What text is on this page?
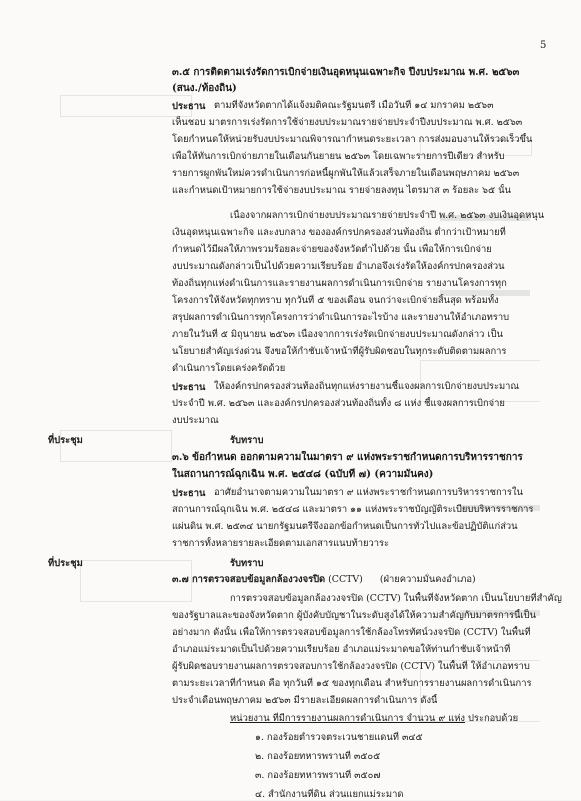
5
๓.๕ การติดตามเร่งรัดการเบิกจ่ายเงินอุดหนุนเฉพาะกิจ ปีงบประมาณ พ.ศ. ๒๕๖๓
(สนง./ท้องถิ่น)
ประธาน ตามที่จังหวัดตากได้แจ้งมติคณะรัฐมนตรี เมื่อวันที่ ๑๔ มกราคม ๒๕๖๓
เห็นชอบ มาตรการเร่งรัดการใช้จ่ายงบประมาณรายจ่ายประจำปีงบประมาณ พ.ศ. ๒๕๖๓
โดยกำหนดให้หน่วยรับงบประมาณพิจารณากำหนดระยะเวลา การส่งมอบงานให้รวดเร็วขึ้น
เพื่อให้ทันการเบิกจ่ายภายในเดือนกันยายน ๒๕๖๓ โดยเฉพาะรายการปีเดียว สำหรับ
รายการผูกพันใหม่ควรดำเนินการก่อหนี้ผูกพันให้แล้วเสร็จภายในเดือนพฤษภาคม ๒๕๖๓
และกำหนดเป้าหมายการใช้จ่ายงบประมาณ รายจ่ายลงทุน ไตรมาส ๓ ร้อยละ ๖๕ นั้น
เนื่องจากผลการเบิกจ่ายงบประมาณรายจ่ายประจำปี พ.ศ. ๒๕๖๓ งบเงินอุดหนุน
เงินอุดหนุนเฉพาะกิจ และงบกลาง ขององค์กรปกครองส่วนท้องถิ่น ต่ำกว่าเป้าหมายที่
กำหนดไว้มีผลให้ภาพรวมร้อยละจ่ายของจังหวัดต่ำไปด้วย นั้น เพื่อให้การเบิกจ่าย
งบประมาณดังกล่าวเป็นไปด้วยความเรียบร้อย อำเภอจึงเร่งรัดให้องค์กรปกครองส่วน
ท้องถิ่นทุกแห่งดำเนินการและรายงานผลการดำเนินการเบิกจ่าย รายงานโครงการทุก
โครงการให้จังหวัดทุกทราบ ทุกวันที่ ๕ ของเดือน จนกว่าจะเบิกจ่ายสิ้นสุด พร้อมทั้ง
สรุปผลการดำเนินการทุกโครงการว่าดำเนินการอะไรบ้าง และรายงานให้อำเภอทราบ
ภายในวันที่ ๕ มิถุนายน ๒๕๖๓ เนื่องจากการเร่งรัดเบิกจ่ายงบประมาณดังกล่าว เป็น
นโยบายสำคัญเร่งด่วน จึงขอให้กำชับเจ้าหน้าที่ผู้รับผิดชอบในทุกระดับติดตามผลการ
ดำเนินการโดยเคร่งครัดด้วย
ประธาน ให้องค์กรปกครองส่วนท้องถิ่นทุกแห่งรายงานชี้แจงผลการเบิกจ่ายงบประมาณ
ประจำปี พ.ศ. ๒๕๖๓ และองค์กรปกครองส่วนท้องถิ่นทั้ง ๘ แห่ง ชี้แจงผลการเบิกจ่าย
งบประมาณ
ที่ประชุม	รับทราบ
๓.๖ ข้อกำหนด ออกตามความในมาตรา ๙ แห่งพระราชกำหนดการบริหารราชการ
ในสถานการณ์ฉุกเฉิน พ.ศ. ๒๕๔๘ (ฉบับที่ ๗) (ความมั่นคง)
ประธาน อาศัยอำนาจตามความในมาตรา ๙ แห่งพระราชกำหนดการบริหารราชการใน
สถานการณ์ฉุกเฉิน พ.ศ. ๒๕๔๘ และมาตรา ๑๑ แห่งพระราชบัญญัติระเบียบบริหารราชการ
แผ่นดิน พ.ศ. ๒๕๓๔ นายกรัฐมนตรีจึงออกข้อกำหนดเป็นการทั่วไปและข้อปฏิบัติแก่ส่วน
ราชการทั้งหลายรายละเอียดตามเอกสารแนบท้ายวาระ
ที่ประชุม	รับทราบ
๓.๗ การตรวจสอบข้อมูลกล้องวงจรปิด (CCTV) (ฝ่ายความมั่นคงอำเภอ)
การตรวจสอบข้อมูลกล้องวงจรปิด (CCTV) ในพื้นที่จังหวัดตาก เป็นนโยบายที่สำคัญ
ของรัฐบาลและของจังหวัดตาก ผู้บังคับบัญชาในระดับสูงได้ให้ความสำคัญกับมาตรการนี้เป็น
อย่างมาก ดังนั้น เพื่อให้การตรวจสอบข้อมูลการใช้กล้องโทรทัศน์วงจรปิด (CCTV) ในพื้นที่
อำเภอแม่ระมาดเป็นไปด้วยความเรียบร้อย อำเภอแม่ระมาดขอให้ท่านกำชับเจ้าหน้าที่
ผู้รับผิดชอบรายงานผลการตรวจสอบการใช้กล้องวงจรปิด (CCTV) ในพื้นที่ ให้อำเภอทราบ
ตามระยะเวลาที่กำหนด คือ ทุกวันที่ ๑๕ ของทุกเดือน สำหรับการรายงานผลการดำเนินการ
ประจำเดือนพฤษภาคม ๒๕๖๓ มีรายละเอียดผลการดำเนินการ ดังนี้
หน่วยงาน ที่มีการรายงานผลการดำเนินการ จำนวน ๙ แห่ง ประกอบด้วย
๑. กองร้อยตำรวจตระเวนชายแดนที่ ๓๔๕
๒. กองร้อยทหารพรานที่ ๓๕๐๕
๓. กองร้อยทหารพรานที่ ๓๕๐๗
๔. สำนักงานที่ดิน ส่วนแยกแม่ระมาด
